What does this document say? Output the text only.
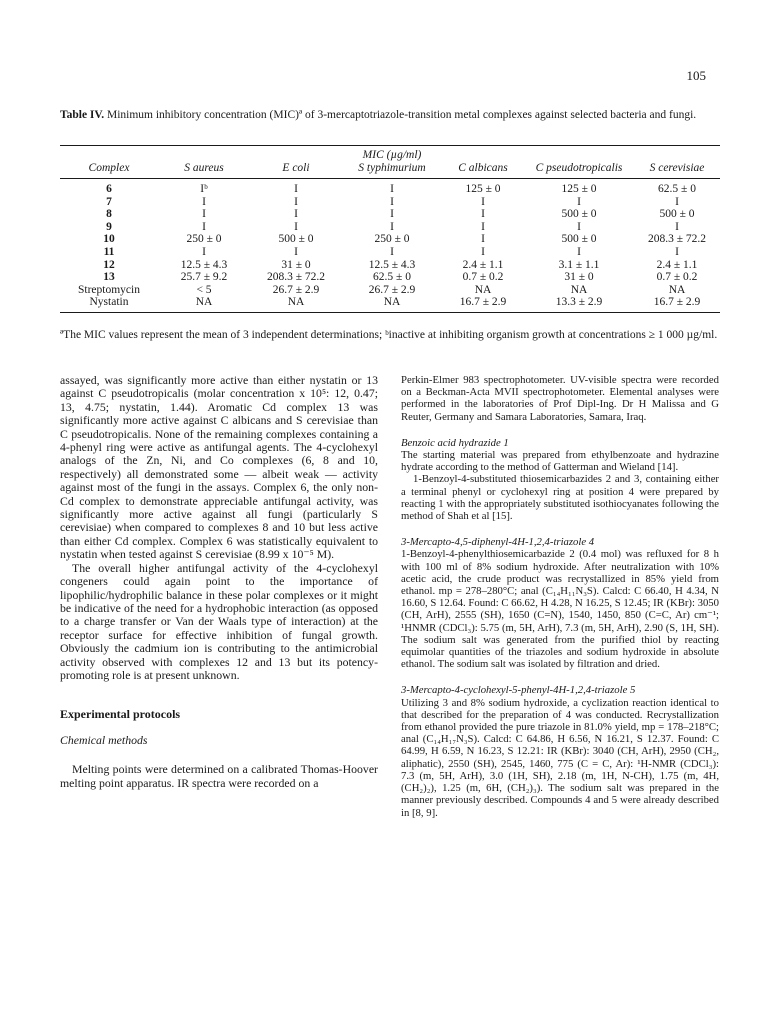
105
Table IV. Minimum inhibitory concentration (MIC)ª of 3-mercaptotriazole-transition metal complexes against selected bacteria and fungi.
			MIC (µg/ml)			
Complex	S aureus	E coli	S typhimurium	C albicans	C pseudotropicalis	S cerevisiae
6	Iᵇ	I	I	125 ± 0	125 ± 0	62.5 ± 0
7	I	I	I	I	I	I
8	I	I	I	I	500 ± 0	500 ± 0
9	I	I	I	I	I	I
10	250 ± 0	500 ± 0	250 ± 0	I	500 ± 0	208.3 ± 72.2
11	I	I	I	I	I	I
12	12.5 ± 4.3	31 ± 0	12.5 ± 4.3	2.4 ± 1.1	3.1 ± 1.1	2.4 ± 1.1
13	25.7 ± 9.2	208.3 ± 72.2	62.5 ± 0	0.7 ± 0.2	31 ± 0	0.7 ± 0.2
Streptomycin	< 5	26.7 ± 2.9	26.7 ± 2.9	NA	NA	NA
Nystatin	NA	NA	NA	16.7 ± 2.9	13.3 ± 2.9	16.7 ± 2.9
ªThe MIC values represent the mean of 3 independent determinations; ᵇinactive at inhibiting organism growth at concentrations ≥ 1 000 µg/ml.

assayed, was significantly more active than either nystatin or 13 against C pseudotropicalis (molar concentration x 10⁵: 12, 0.47; 13, 4.75; nystatin, 1.44). Aromatic Cd complex 13 was significantly more active against C albicans and S cerevisiae than C pseudotropicalis. None of the remaining complexes containing a 4-phenyl ring were active as antifungal agents. The 4-cyclohexyl analogs of the Zn, Ni, and Co complexes (6, 8 and 10, respectively) all demonstrated some — albeit weak — activity against most of the fungi in the assays. Complex 6, the only non-Cd complex to demonstrate appreciable antifungal activity, was significantly more active against all fungi (particularly S cerevisiae) when compared to complexes 8 and 10 but less active than either Cd complex. Complex 6 was statistically equivalent to nystatin when tested against S cerevisiae (8.99 x 10⁻⁵ M).

The overall higher antifungal activity of the 4-cyclohexyl congeners could again point to the importance of lipophilic/hydrophilic balance in these polar complexes or it might be indicative of the need for a hydrophobic interaction (as opposed to a charge transfer or Van der Waals type of interaction) at the receptor surface for effective inhibition of fungal growth. Obviously the cadmium ion is contributing to the antimicrobial activity observed with complexes 12 and 13 but its potency-promoting role is at present unknown.

Experimental protocols

Chemical methods

Melting points were determined on a calibrated Thomas-Hoover melting point apparatus. IR spectra were recorded on a

Perkin-Elmer 983 spectrophotometer. UV-visible spectra were recorded on a Beckman-Acta MVII spectrophotometer. Elemental analyses were performed in the laboratories of Prof Dipl-Ing. Dr H Malissa and G Reuter, Germany and Samara Laboratories, Samara, Iraq.

Benzoic acid hydrazide 1

The starting material was prepared from ethylbenzoate and hydrazine hydrate according to the method of Gatterman and Wieland [14].

1-Benzoyl-4-substituted thiosemicarbazides 2 and 3, containing either a terminal phenyl or cyclohexyl ring at position 4 were prepared by reacting 1 with the appropriately substituted isothiocyanates following the method of Shah et al [15].

3-Mercapto-4,5-diphenyl-4H-1,2,4-triazole 4

1-Benzoyl-4-phenylthiosemicarbazide 2 (0.4 mol) was refluxed for 8 h with 100 ml of 8% sodium hydroxide. After neutralization with 10% acetic acid, the crude product was recrystallized in 85% yield from ethanol. mp = 278–280°C; anal (C₁₄H₁₁N₃S). Calcd: C 66.40, H 4.34, N 16.60, S 12.64. Found: C 66.62, H 4.28, N 16.25, S 12.45; IR (KBr): 3050 (CH, ArH), 2555 (SH), 1650 (C=N), 1540, 1450, 850 (C=C, Ar) cm⁻¹; ¹HNMR (CDCl₃): 5.75 (m, 5H, ArH), 7.3 (m, 5H, ArH), 2.90 (S, 1H, SH). The sodium salt was generated from the purified thiol by reacting equimolar quantities of the triazoles and sodium hydroxide in absolute ethanol. The sodium salt was isolated by filtration and dried.

3-Mercapto-4-cyclohexyl-5-phenyl-4H-1,2,4-triazole 5

Utilizing 3 and 8% sodium hydroxide, a cyclization reaction identical to that described for the preparation of 4 was conducted. Recrystallization from ethanol provided the pure triazole in 81.0% yield, mp = 178–218°C; anal (C₁₄H₁₇N₃S). Calcd: C 64.86, H 6.56, N 16.21, S 12.37. Found: C 64.99, H 6.59, N 16.23, S 12.21: IR (KBr): 3040 (CH, ArH), 2950 (CH₂, aliphatic), 2550 (SH), 2545, 1460, 775 (C = C, Ar): ¹H-NMR (CDCl₃): 7.3 (m, 5H, ArH), 3.0 (1H, SH), 2.18 (m, 1H, N-CH), 1.75 (m, 4H, (CH₂)₂), 1.25 (m, 6H, (CH₂)₃). The sodium salt was prepared in the manner previously described. Compounds 4 and 5 were already described in [8, 9].
